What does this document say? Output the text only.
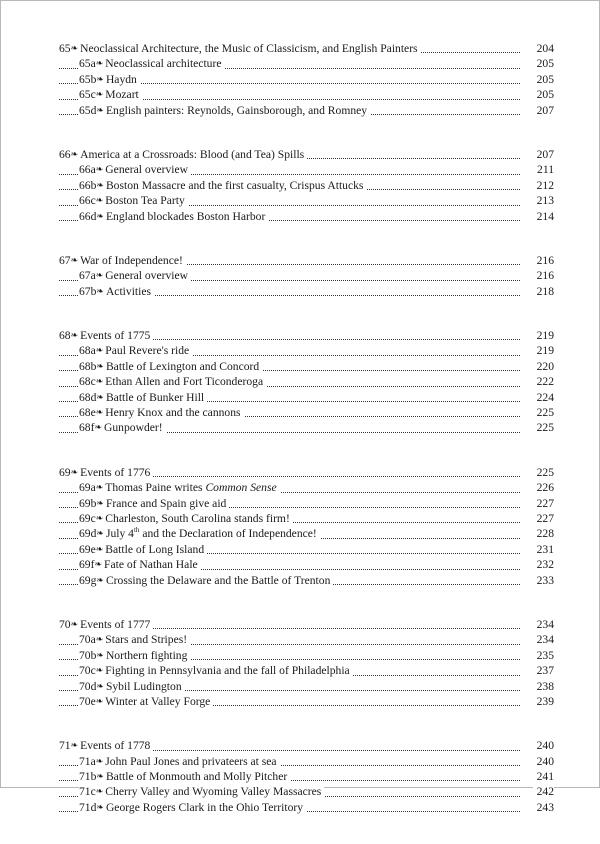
65❧ Neoclassical Architecture, the Music of Classicism, and English Painters	204
65a❧ Neoclassical architecture	205
65b❧ Haydn	205
65c❧ Mozart	205
65d❧ English painters: Reynolds, Gainsborough, and Romney	207
66❧ America at a Crossroads: Blood (and Tea) Spills	207
66a❧ General overview	211
66b❧ Boston Massacre and the first casualty, Crispus Attucks	212
66c❧ Boston Tea Party	213
66d❧ England blockades Boston Harbor	214
67❧ War of Independence!	216
67a❧ General overview	216
67b❧ Activities	218
68❧ Events of 1775	219
68a❧ Paul Revere's ride	219
68b❧ Battle of Lexington and Concord	220
68c❧ Ethan Allen and Fort Ticonderoga	222
68d❧ Battle of Bunker Hill	224
68e❧ Henry Knox and the cannons	225
68f❧ Gunpowder!	225
69❧ Events of 1776	225
69a❧ Thomas Paine writes Common Sense	226
69b❧ France and Spain give aid	227
69c❧ Charleston, South Carolina stands firm!	227
69d❧ July 4th and the Declaration of Independence!	228
69e❧ Battle of Long Island	231
69f❧ Fate of Nathan Hale	232
69g❧ Crossing the Delaware and the Battle of Trenton	233
70❧ Events of 1777	234
70a❧ Stars and Stripes!	234
70b❧ Northern fighting	235
70c❧ Fighting in Pennsylvania and the fall of Philadelphia	237
70d❧ Sybil Ludington	238
70e❧ Winter at Valley Forge	239
71❧ Events of 1778	240
71a❧ John Paul Jones and privateers at sea	240
71b❧ Battle of Monmouth and Molly Pitcher	241
71c❧ Cherry Valley and Wyoming Valley Massacres	242
71d❧ George Rogers Clark in the Ohio Territory	243
